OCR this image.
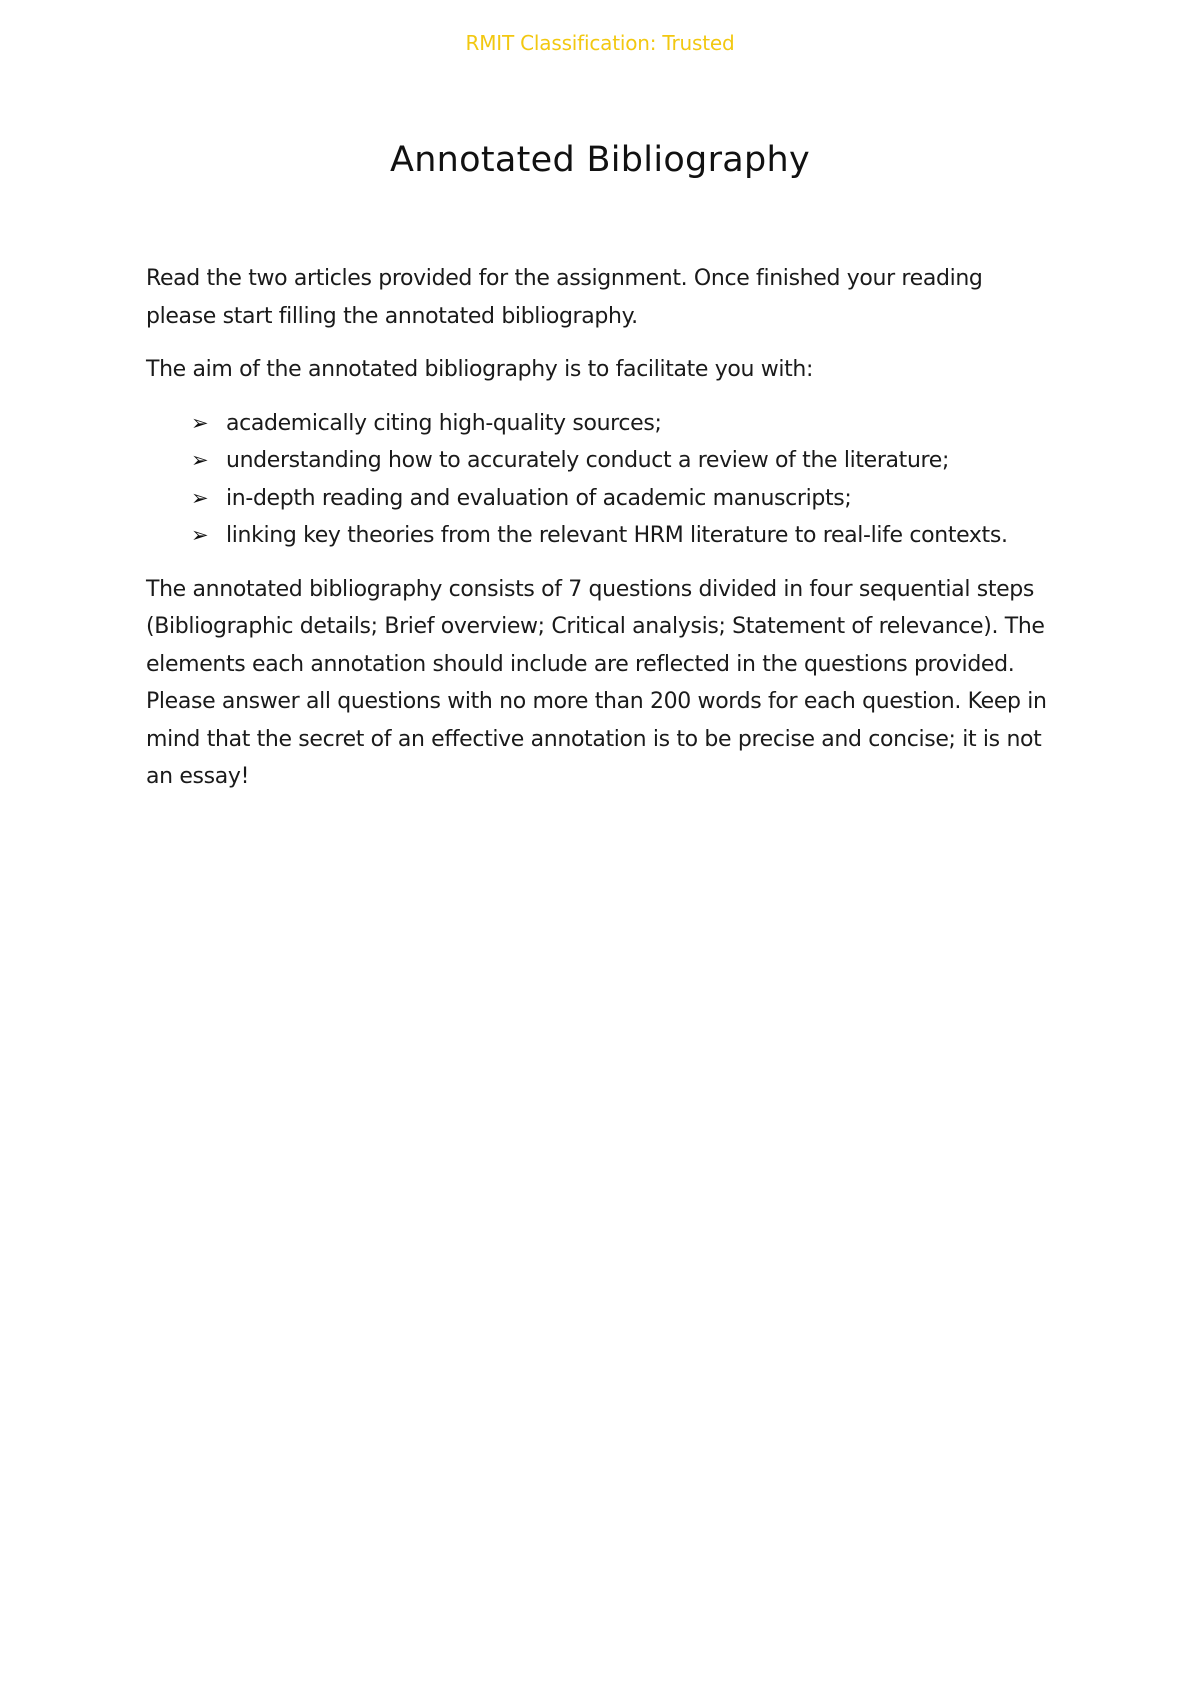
RMIT Classification: Trusted
Annotated Bibliography

Read the two articles provided for the assignment. Once finished your reading please start filling the annotated bibliography.

The aim of the annotated bibliography is to facilitate you with:

➢ academically citing high-quality sources;
➢ understanding how to accurately conduct a review of the literature;
➢ in-depth reading and evaluation of academic manuscripts;
➢ linking key theories from the relevant HRM literature to real-life contexts.

The annotated bibliography consists of 7 questions divided in four sequential steps (Bibliographic details; Brief overview; Critical analysis; Statement of relevance). The elements each annotation should include are reflected in the questions provided. Please answer all questions with no more than 200 words for each question. Keep in mind that the secret of an effective annotation is to be precise and concise; it is not an essay!
